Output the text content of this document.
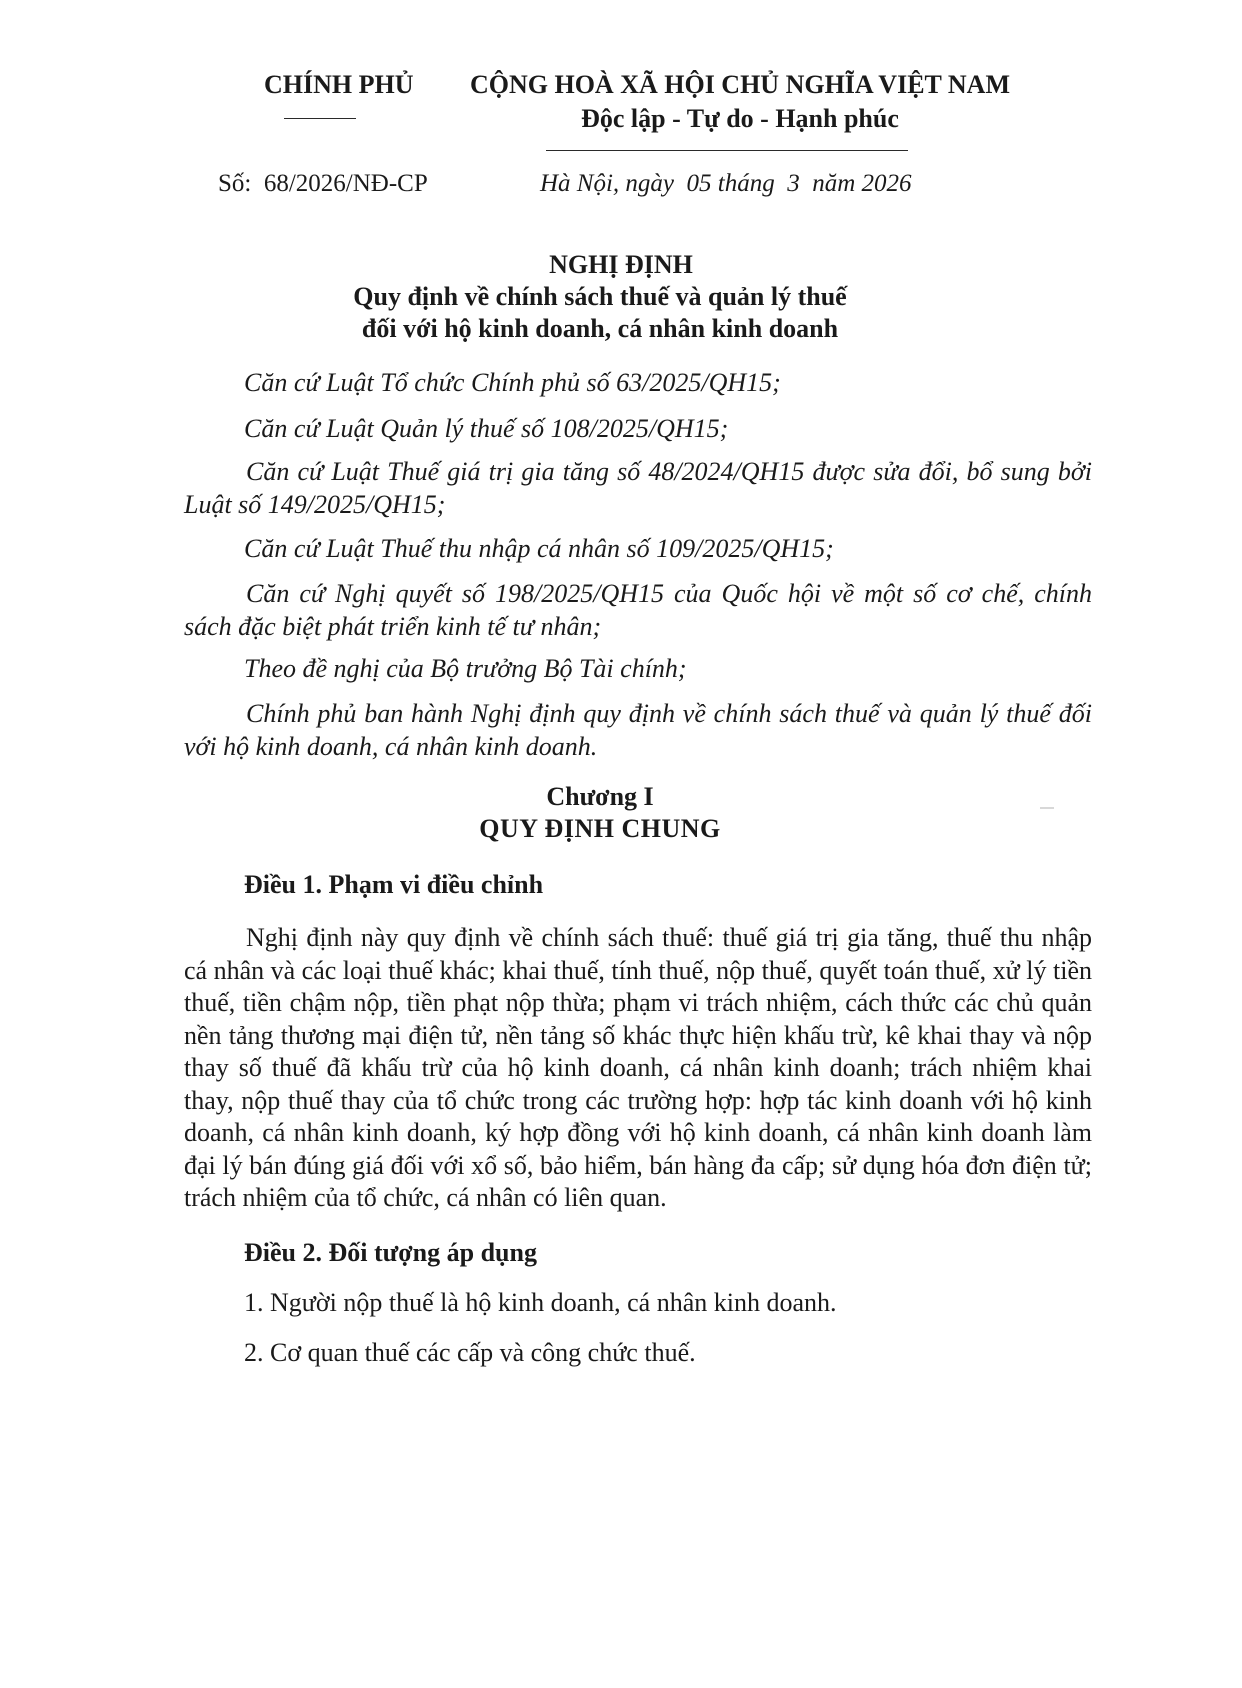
CHÍNH PHỦ	CỘNG HOÀ XÃ HỘI CHỦ NGHĨA VIỆT NAM
Độc lập - Tự do - Hạnh phúc
Số:  68/2026/NĐ-CP	Hà Nội, ngày  05 tháng  3  năm 2026
NGHỊ ĐỊNH
Quy định về chính sách thuế và quản lý thuế
đối với hộ kinh doanh, cá nhân kinh doanh
Căn cứ Luật Tổ chức Chính phủ số 63/2025/QH15;
Căn cứ Luật Quản lý thuế số 108/2025/QH15;
Căn cứ Luật Thuế giá trị gia tăng số 48/2024/QH15 được sửa đổi, bổ sung bởi Luật số 149/2025/QH15;
Căn cứ Luật Thuế thu nhập cá nhân số 109/2025/QH15;
Căn cứ Nghị quyết số 198/2025/QH15 của Quốc hội về một số cơ chế, chính sách đặc biệt phát triển kinh tế tư nhân;
Theo đề nghị của Bộ trưởng Bộ Tài chính;
Chính phủ ban hành Nghị định quy định về chính sách thuế và quản lý thuế đối với hộ kinh doanh, cá nhân kinh doanh.
Chương I
QUY ĐỊNH CHUNG
Điều 1. Phạm vi điều chỉnh
Nghị định này quy định về chính sách thuế: thuế giá trị gia tăng, thuế thu nhập cá nhân và các loại thuế khác; khai thuế, tính thuế, nộp thuế, quyết toán thuế, xử lý tiền thuế, tiền chậm nộp, tiền phạt nộp thừa; phạm vi trách nhiệm, cách thức các chủ quản nền tảng thương mại điện tử, nền tảng số khác thực hiện khấu trừ, kê khai thay và nộp thay số thuế đã khấu trừ của hộ kinh doanh, cá nhân kinh doanh; trách nhiệm khai thay, nộp thuế thay của tổ chức trong các trường hợp: hợp tác kinh doanh với hộ kinh doanh, cá nhân kinh doanh, ký hợp đồng với hộ kinh doanh, cá nhân kinh doanh làm đại lý bán đúng giá đối với xổ số, bảo hiểm, bán hàng đa cấp; sử dụng hóa đơn điện tử; trách nhiệm của tổ chức, cá nhân có liên quan.
Điều 2. Đối tượng áp dụng
1. Người nộp thuế là hộ kinh doanh, cá nhân kinh doanh.
2. Cơ quan thuế các cấp và công chức thuế.
